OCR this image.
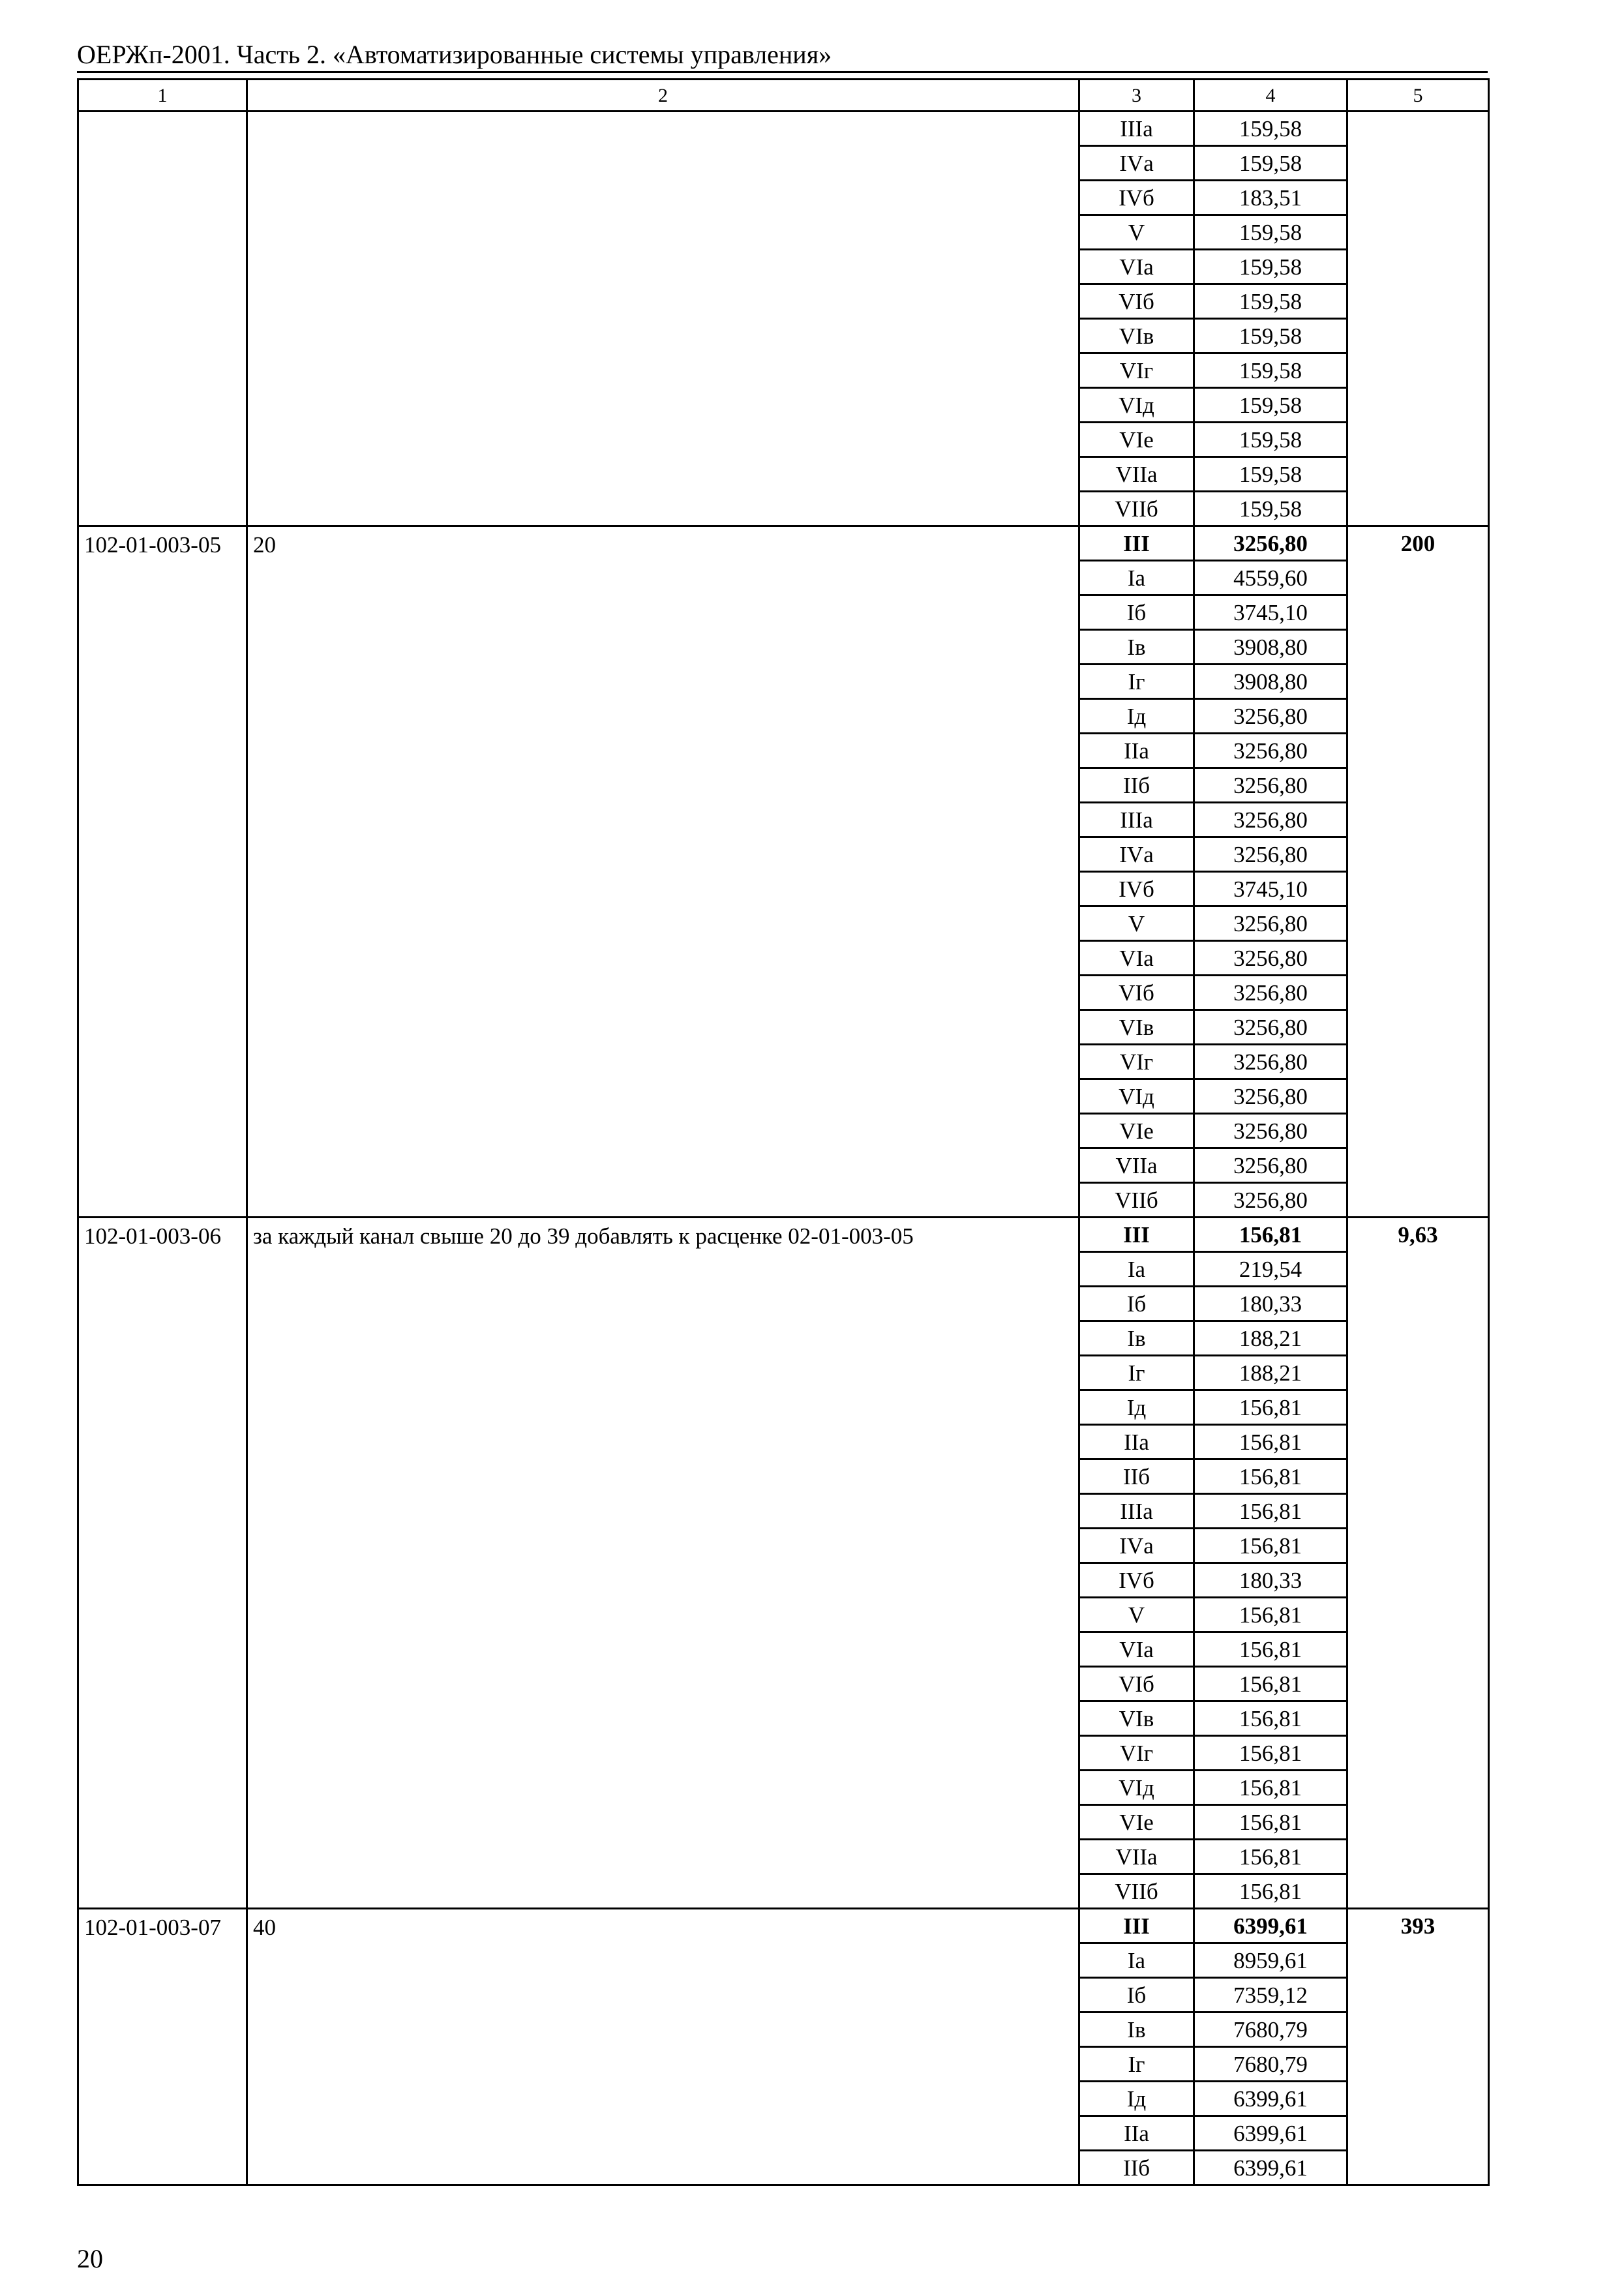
ОЕРЖп-2001. Часть 2. «Автоматизированные системы управления»
1	2	3	4	5
		IIIа	159,58	
		IVа	159,58	
		IVб	183,51	
		V	159,58	
		VIа	159,58	
		VIб	159,58	
		VIв	159,58	
		VIг	159,58	
		VIд	159,58	
		VIе	159,58	
		VIIа	159,58	
		VIIб	159,58	
102-01-003-05	20	III	3256,80	200
		Iа	4559,60	
		Iб	3745,10	
		Iв	3908,80	
		Iг	3908,80	
		Iд	3256,80	
		IIа	3256,80	
		IIб	3256,80	
		IIIа	3256,80	
		IVа	3256,80	
		IVб	3745,10	
		V	3256,80	
		VIа	3256,80	
		VIб	3256,80	
		VIв	3256,80	
		VIг	3256,80	
		VIд	3256,80	
		VIе	3256,80	
		VIIа	3256,80	
		VIIб	3256,80	
102-01-003-06	за каждый канал свыше 20 до 39 добавлять к расценке 02-01-003-05	III	156,81	9,63
		Iа	219,54	
		Iб	180,33	
		Iв	188,21	
		Iг	188,21	
		Iд	156,81	
		IIа	156,81	
		IIб	156,81	
		IIIа	156,81	
		IVа	156,81	
		IVб	180,33	
		V	156,81	
		VIа	156,81	
		VIб	156,81	
		VIв	156,81	
		VIг	156,81	
		VIд	156,81	
		VIе	156,81	
		VIIа	156,81	
		VIIб	156,81	
102-01-003-07	40	III	6399,61	393
		Iа	8959,61	
		Iб	7359,12	
		Iв	7680,79	
		Iг	7680,79	
		Iд	6399,61	
		IIа	6399,61	
		IIб	6399,61	
20
